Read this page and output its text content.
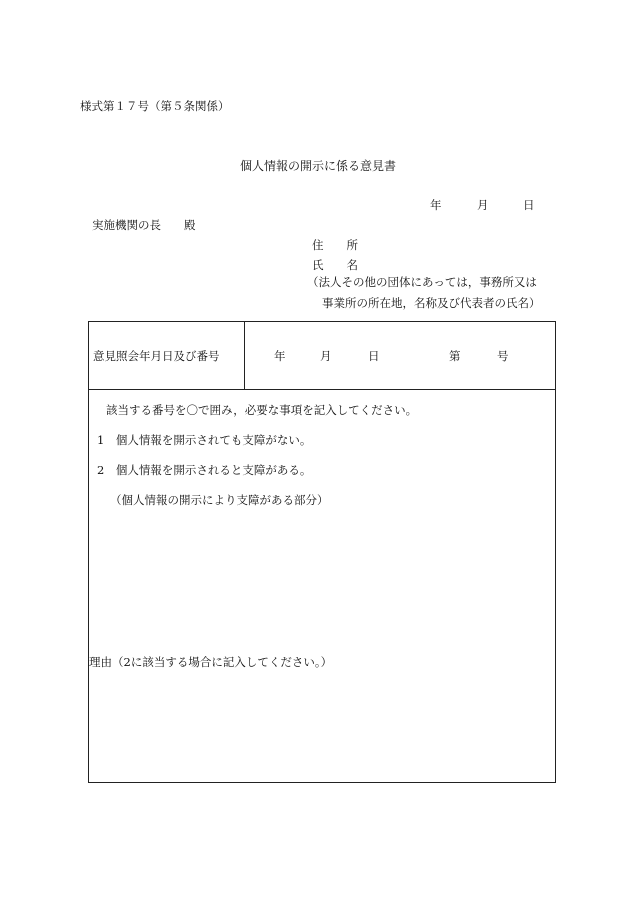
様式第１７号（第５条関係）
個人情報の開示に係る意見書
年	月	日
実施機関の長　　殿
住　　所
氏　　名
（法人その他の団体にあっては，事務所又は
事業所の所在地，名称及び代表者の氏名）
意見照会年月日及び番号	年	月	日	第	号
該当する番号を〇で囲み，必要な事項を記入してください。
1　個人情報を開示されても支障がない。
2　個人情報を開示されると支障がある。
（個人情報の開示により支障がある部分）
理由（2に該当する場合に記入してください。）
